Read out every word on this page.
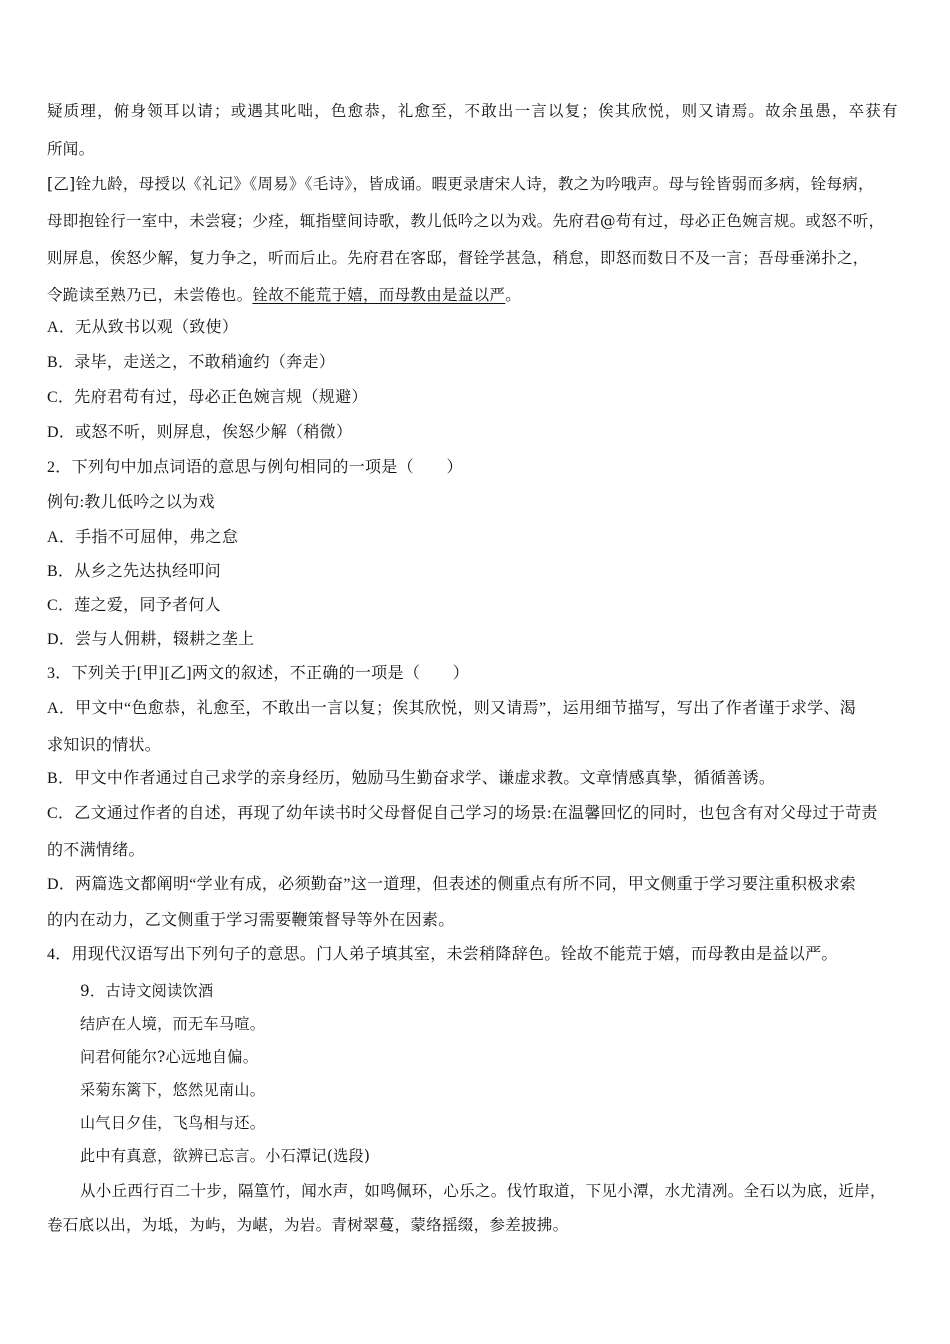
疑质理，俯身领耳以请；或遇其叱咄，色愈恭，礼愈至，不敢出一言以复；俟其欣悦，则又请焉。故余虽愚，卒获有
所闻。
[乙]铨九龄，母授以《礼记》《周易》《毛诗》，皆成诵。暇更录唐宋人诗，教之为吟哦声。母与铨皆弱而多病，铨每病，
母即抱铨行一室中，未尝寝；少痊，辄指壁间诗歌，教儿低吟之以为戏。先府君@苟有过，母必正色婉言规。或怒不听，
则屏息，俟怒少解，复力争之，听而后止。先府君在客邸，督铨学甚急，稍怠，即怒而数日不及一言；吾母垂涕扑之，
令跪读至熟乃已，未尝倦也。铨故不能荒于嬉，而母教由是益以严。
A．无从致书以观（致使）
B．录毕，走送之，不敢稍逾约（奔走）
C．先府君苟有过，母必正色婉言规（规避）
D．或怒不听，则屏息，俟怒少解（稍微）
2．下列句中加点词语的意思与例句相同的一项是（　　）
例句:教儿低吟之以为戏
A．手指不可屈伸，弗之怠
B．从乡之先达执经叩问
C．莲之爱，同予者何人
D．尝与人佣耕，辍耕之垄上
3．下列关于[甲][乙]两文的叙述，不正确的一项是（　　）
A．甲文中“色愈恭，礼愈至，不敢出一言以复；俟其欣悦，则又请焉”，运用细节描写，写出了作者谨于求学、渴
求知识的情状。
B．甲文中作者通过自己求学的亲身经历，勉励马生勤奋求学、谦虚求教。文章情感真挚，循循善诱。
C．乙文通过作者的自述，再现了幼年读书时父母督促自己学习的场景:在温馨回忆的同时，也包含有对父母过于苛责
的不满情绪。
D．两篇选文都阐明“学业有成，必须勤奋”这一道理，但表述的侧重点有所不同，甲文侧重于学习要注重积极求索
的内在动力，乙文侧重于学习需要鞭策督导等外在因素。
4．用现代汉语写出下列句子的意思。门人弟子填其室，未尝稍降辞色。铨故不能荒于嬉，而母教由是益以严。
9．古诗文阅读饮酒
结庐在人境，而无车马喧。
问君何能尔?心远地自偏。
采菊东篱下，悠然见南山。
山气日夕佳，飞鸟相与还。
此中有真意，欲辨已忘言。小石潭记(选段)
从小丘西行百二十步，隔篁竹，闻水声，如鸣佩环，心乐之。伐竹取道，下见小潭，水尤清冽。全石以为底，近岸，
卷石底以出，为坻，为屿，为嵁，为岩。青树翠蔓，蒙络摇缀，参差披拂。
